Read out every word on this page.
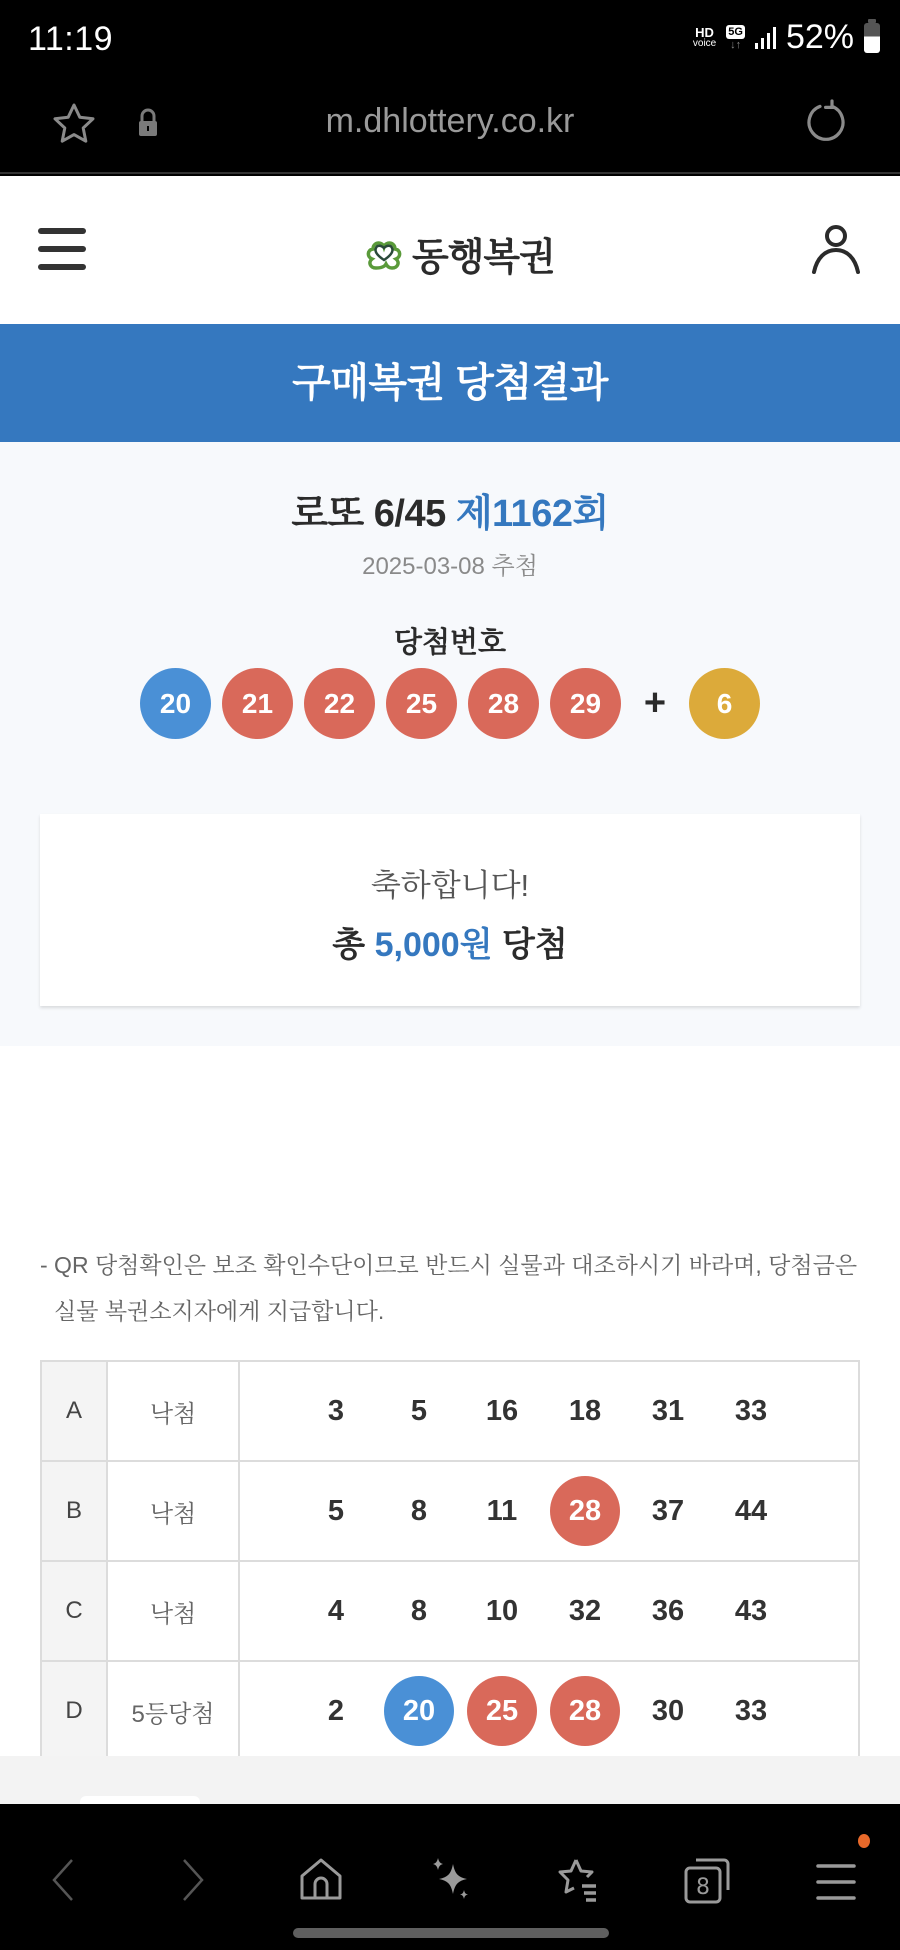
11:19	HD
voice
5G
↓↑ 52%
m.dhlottery.co.kr
동행복권
구매복권 당첨결과
로또 6/45 제1162회
2025-03-08 추첨
당첨번호
20	21	22	25	28	29	+	6
축하합니다!
총 5,000원 당첨
- QR 당첨확인은 보조 확인수단이므로 반드시 실물과 대조하시기 바라며, 당첨금은
실물 복권소지자에게 지급합니다.
A	낙첨	3	5	16	18	31	33

B	낙첨	5	8	11	28	37	44

C	낙첨	4	8	10	32	36	43

D	5등당첨	2	20	25	28	30	33

8
